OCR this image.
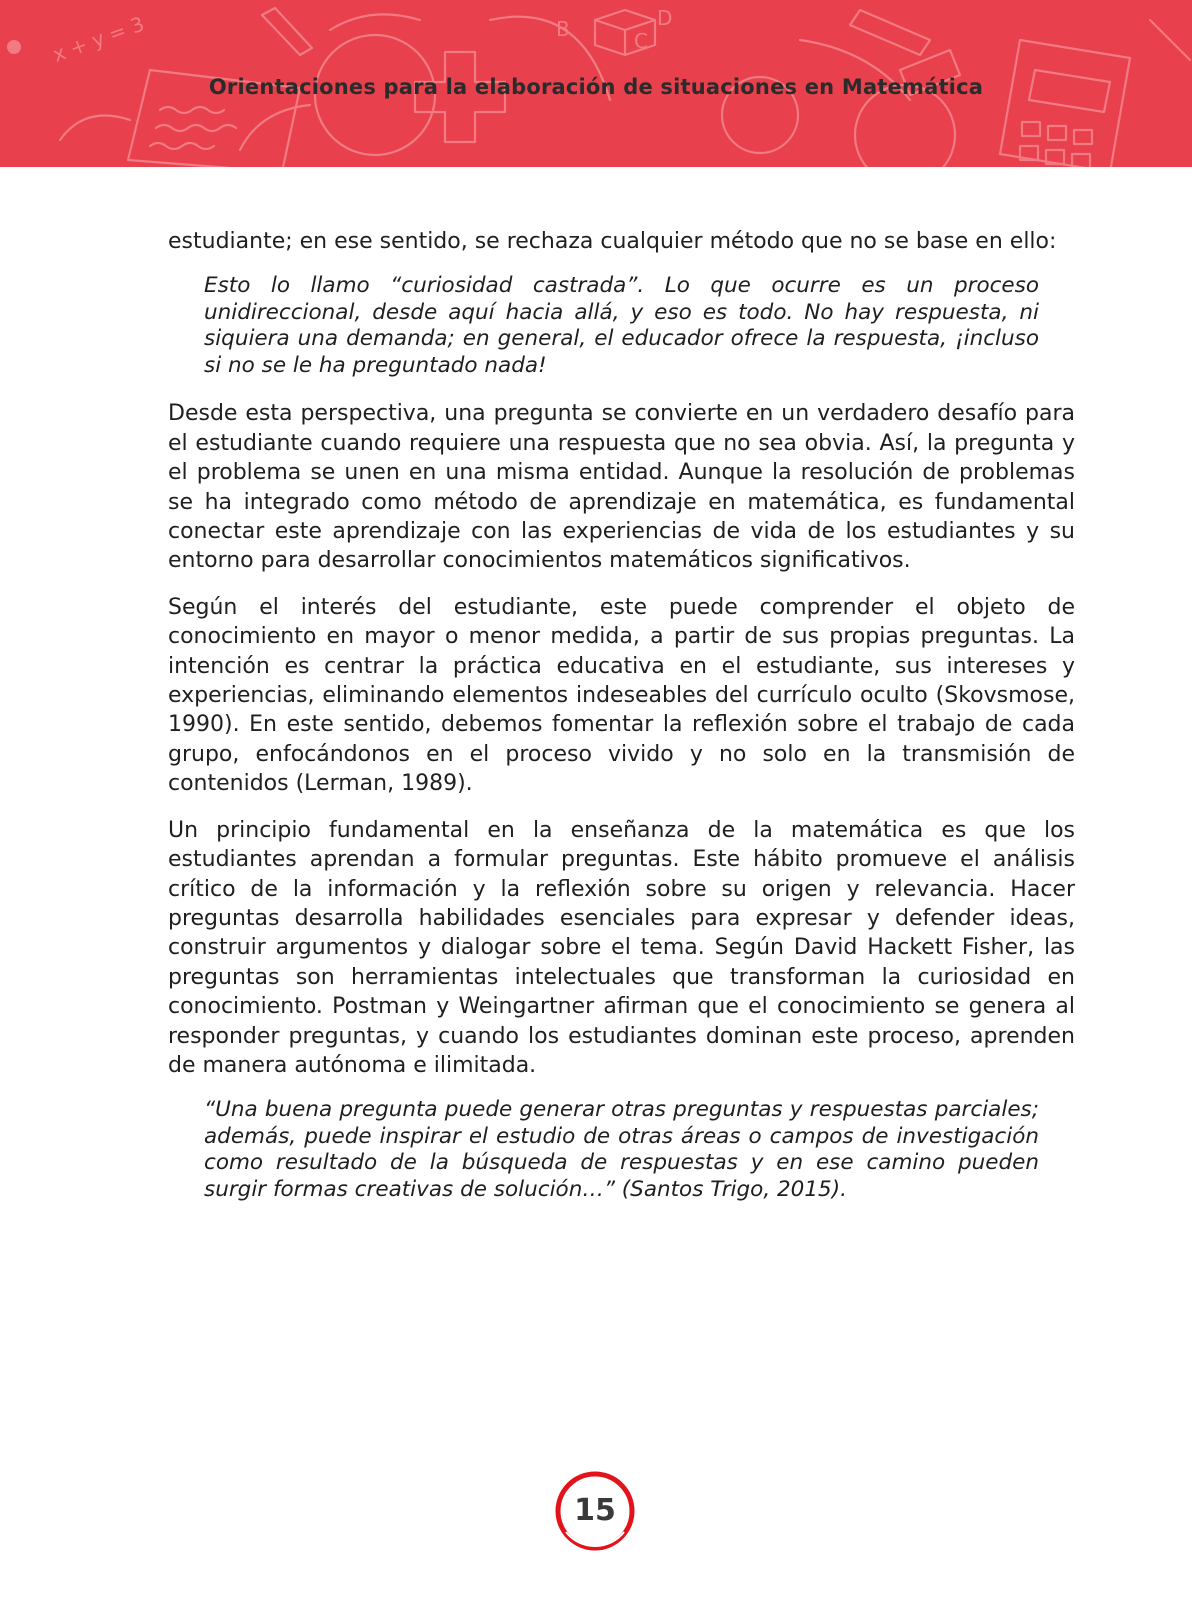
x + y = 3	B	C
D
Orientaciones para la elaboración de situaciones en Matemática

estudiante; en ese sentido, se rechaza cualquier método que no se base en ello:

Esto lo llamo “curiosidad castrada”. Lo que ocurre es un proceso unidireccional, desde aquí hacia allá, y eso es todo. No hay respuesta, ni siquiera una demanda; en general, el educador ofrece la respuesta, ¡incluso si no se le ha preguntado nada!

Desde esta perspectiva, una pregunta se convierte en un verdadero desafío para el estudiante cuando requiere una respuesta que no sea obvia. Así, la pregunta y el problema se unen en una misma entidad. Aunque la resolución de problemas se ha integrado como método de aprendizaje en matemática, es fundamental conectar este aprendizaje con las experiencias de vida de los estudiantes y su entorno para desarrollar conocimientos matemáticos significativos.

Según el interés del estudiante, este puede comprender el objeto de conocimiento en mayor o menor medida, a partir de sus propias preguntas. La intención es centrar la práctica educativa en el estudiante, sus intereses y experiencias, eliminando elementos indeseables del currículo oculto (Skovsmose, 1990). En este sentido, debemos fomentar la reflexión sobre el trabajo de cada grupo, enfocándonos en el proceso vivido y no solo en la transmisión de contenidos (Lerman, 1989).

Un principio fundamental en la enseñanza de la matemática es que los estudiantes aprendan a formular preguntas. Este hábito promueve el análisis crítico de la información y la reflexión sobre su origen y relevancia. Hacer preguntas desarrolla habilidades esenciales para expresar y defender ideas, construir argumentos y dialogar sobre el tema. Según David Hackett Fisher, las preguntas son herramientas intelectuales que transforman la curiosidad en conocimiento. Postman y Weingartner afirman que el conocimiento se genera al responder preguntas, y cuando los estudiantes dominan este proceso, aprenden de manera autónoma e ilimitada.

“Una buena pregunta puede generar otras preguntas y respuestas parciales; además, puede inspirar el estudio de otras áreas o campos de investigación como resultado de la búsqueda de respuestas y en ese camino pueden surgir formas creativas de solución…” (Santos Trigo, 2015).

15
